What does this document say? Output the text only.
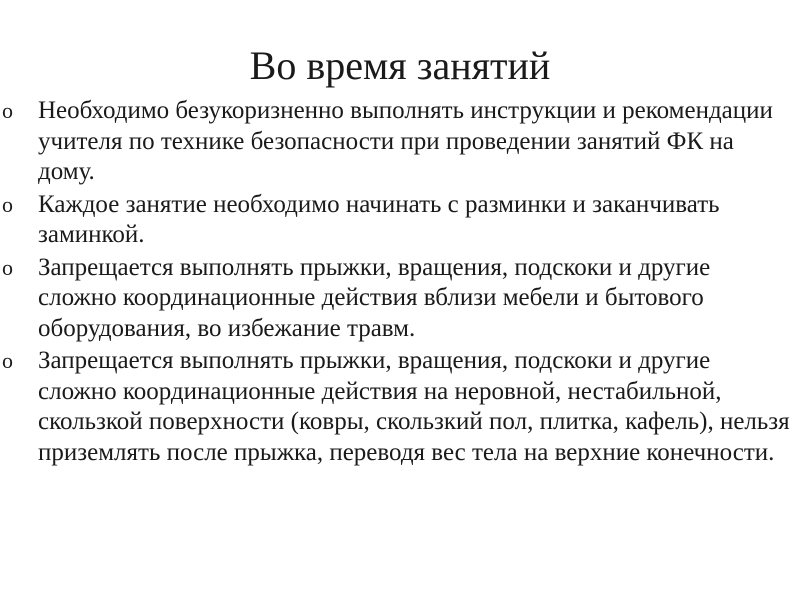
Во время занятий
o Необходимо безукоризненно выполнять инструкции и рекомендации учителя по технике безопасности при проведении занятий ФК на дому.
o Каждое занятие необходимо начинать с разминки и заканчивать заминкой.
o Запрещается выполнять прыжки, вращения, подскоки и другие сложно координационные действия вблизи мебели и бытового оборудования, во избежание травм.
o Запрещается выполнять прыжки, вращения, подскоки и другие сложно координационные действия на неровной, нестабильной, скользкой поверхности (ковры, скользкий пол, плитка, кафель), нельзя приземлять после прыжка, переводя вес тела на верхние конечности.
